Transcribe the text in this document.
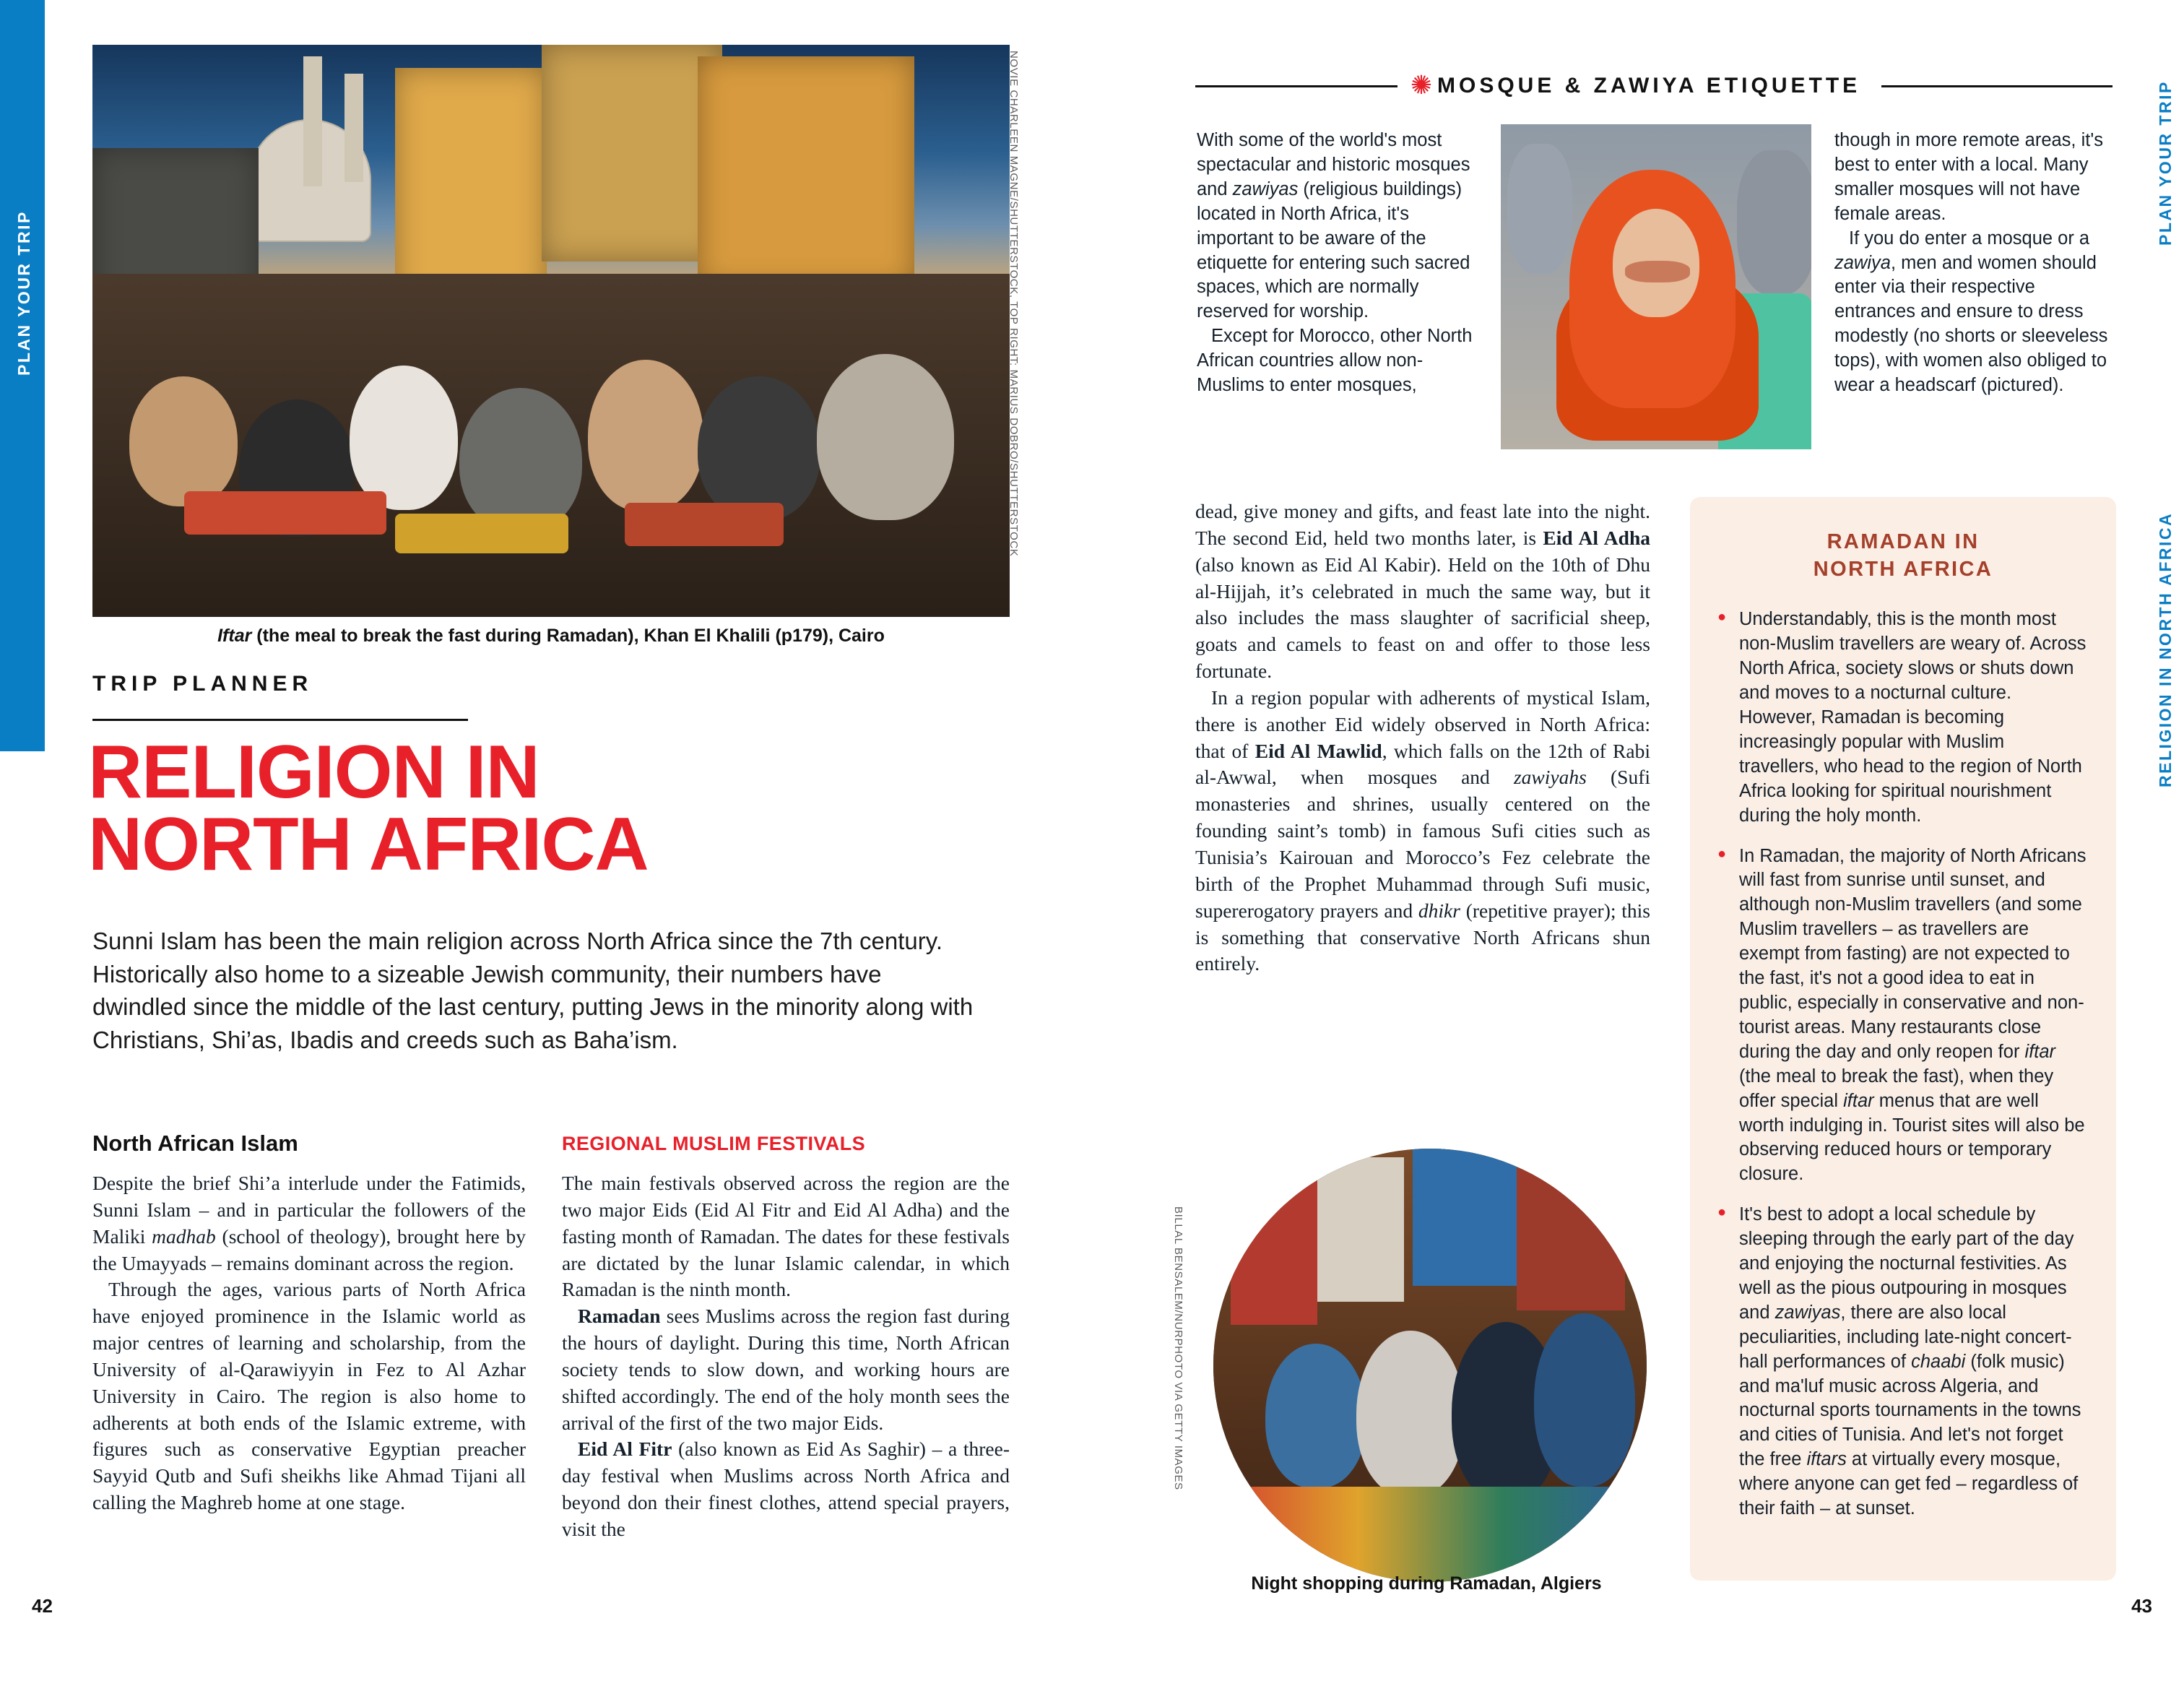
PLAN YOUR TRIP
RELIGION IN NORTH AFRICA
PLAN YOUR TRIP
RELIGION IN NORTH AFRICA
NOVIE CHARLEEN MAGNE/SHUTTERSTOCK, TOP RIGHT: MARIUS DOBRO/SHUTTERSTOCK
Iftar (the meal to break the fast during Ramadan), Khan El Khalili (p179), Cairo
TRIP PLANNER
RELIGION IN
NORTH AFRICA
Sunni Islam has been the main religion across North Africa since the 7th century. Historically also home to a sizeable Jewish community, their numbers have dwindled since the middle of the last century, putting Jews in the minority along with Christians, Shi’as, Ibadis and creeds such as Baha’ism.
North African Islam	REGIONAL MUSLIM FESTIVALS

Despite the brief Shi’a interlude under the Fatimids, Sunni Islam – and in particular the followers of the Maliki madhab (school of theology), brought here by the Umayyads – remains dominant across the region.

Through the ages, various parts of North Africa have enjoyed prominence in the Islamic world as major centres of learning and scholarship, from the University of al-Qarawiyyin in Fez to Al Azhar University in Cairo. The region is also home to adherents at both ends of the Islamic extreme, with figures such as conservative Egyptian preacher Sayyid Qutb and Sufi sheikhs like Ahmad Tijani all calling the Maghreb home at one stage.

The main festivals observed across the region are the two major Eids (Eid Al Fitr and Eid Al Adha) and the fasting month of Ramadan. The dates for these festivals are dictated by the lunar Islamic calendar, in which Ramadan is the ninth month.

Ramadan sees Muslims across the region fast during the hours of daylight. During this time, North African society tends to slow down, and working hours are shifted accordingly. The end of the holy month sees the arrival of the first of the two major Eids.

Eid Al Fitr (also known as Eid As Saghir) – a three-day festival when Muslims across North Africa and beyond don their finest clothes, attend special prayers, visit the

42	43
✺ MOSQUE & ZAWIYA ETIQUETTE

With some of the world's most spectacular and historic mosques and zawiyas (religious buildings) located in North Africa, it's important to be aware of the etiquette for entering such sacred spaces, which are normally reserved for worship.

Except for Morocco, other North African countries allow non-Muslims to enter mosques,

though in more remote areas, it's best to enter with a local. Many smaller mosques will not have female areas.

If you do enter a mosque or a zawiya, men and women should enter via their respective entrances and ensure to dress modestly (no shorts or sleeveless tops), with women also obliged to wear a headscarf (pictured).

dead, give money and gifts, and feast late into the night. The second Eid, held two months later, is Eid Al Adha (also known as Eid Al Kabir). Held on the 10th of Dhu al-Hijjah, it’s celebrated in much the same way, but it also includes the mass slaughter of sacrificial sheep, goats and camels to feast on and offer to those less fortunate.

In a region popular with adherents of mystical Islam, there is another Eid widely observed in North Africa: that of Eid Al Mawlid, which falls on the 12th of Rabi al-Awwal, when mosques and zawiyahs (Sufi monasteries and shrines, usually centered on the founding saint’s tomb) in famous Sufi cities such as Tunisia’s Kairouan and Morocco’s Fez celebrate the birth of the Prophet Muhammad through Sufi music, supererogatory prayers and dhikr (repetitive prayer); this is something that conservative North Africans shun entirely.

BILLAL BENSALEM/NURPHOTO VIA GETTY IMAGES
Night shopping during Ramadan, Algiers
RAMADAN IN
NORTH AFRICA

● Understandably, this is the month most non-Muslim travellers are weary of. Across North Africa, society slows or shuts down and moves to a nocturnal culture. However, Ramadan is becoming increasingly popular with Muslim travellers, who head to the region of North Africa looking for spiritual nourishment during the holy month.

● In Ramadan, the majority of North Africans will fast from sunrise until sunset, and although non-Muslim travellers (and some Muslim travellers – as travellers are exempt from fasting) are not expected to the fast, it's not a good idea to eat in public, especially in conservative and non-tourist areas. Many restaurants close during the day and only reopen for iftar (the meal to break the fast), when they offer special iftar menus that are well worth indulging in. Tourist sites will also be observing reduced hours or temporary closure.

● It's best to adopt a local schedule by sleeping through the early part of the day and enjoying the nocturnal festivities. As well as the pious outpouring in mosques and zawiyas, there are also local peculiarities, including late-night concert-hall performances of chaabi (folk music) and ma'luf music across Algeria, and nocturnal sports tournaments in the towns and cities of Tunisia. And let's not forget the free iftars at virtually every mosque, where anyone can get fed – regardless of their faith – at sunset.
